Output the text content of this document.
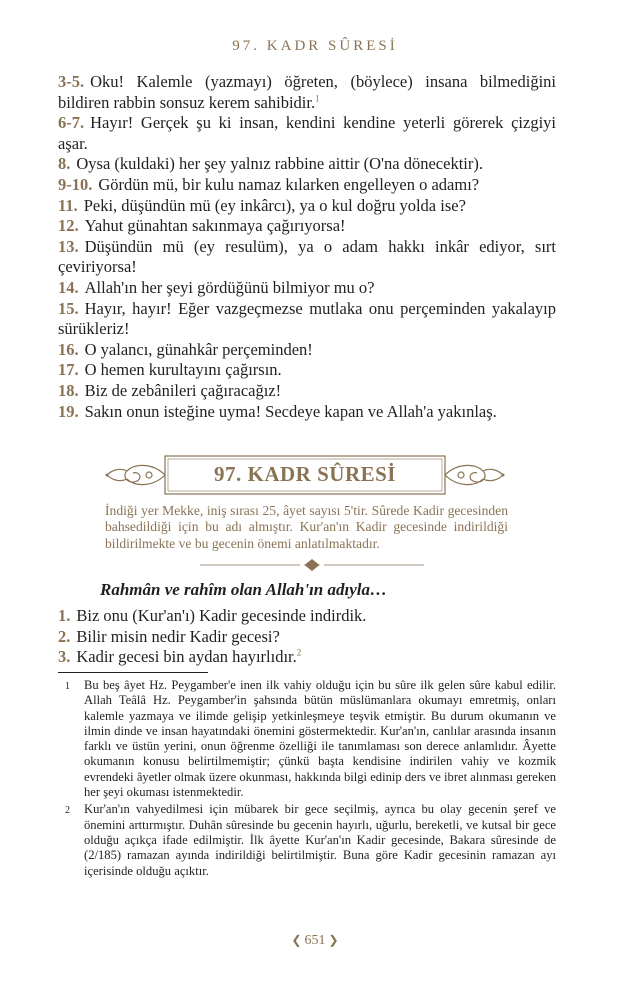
97. KADR SÛRESİ
3-5. Oku! Kalemle (yazmayı) öğreten, (böylece) insana bilmediğini bildiren rabbin sonsuz kerem sahibidir.$^1$
6-7. Hayır! Gerçek şu ki insan, kendini kendine yeterli görerek çizgiyi aşar.
8. Oysa (kuldaki) her şey yalnız rabbine aittir (O'na dönecektir).
9-10. Gördün mü, bir kulu namaz kılarken engelleyen o adamı?
11. Peki, düşündün mü (ey inkârcı), ya o kul doğru yolda ise?
12. Yahut günahtan sakınmaya çağırıyorsa!
13. Düşündün mü (ey resulüm), ya o adam hakkı inkâr ediyor, sırt çeviriyorsa!
14. Allah'ın her şeyi gördüğünü bilmiyor mu o?
15. Hayır, hayır! Eğer vazgeçmezse mutlaka onu perçeminden yakalayıp sürükleriz!
16. O yalancı, günahkâr perçeminden!
17. O hemen kurultayını çağırsın.
18. Biz de zebânileri çağıracağız!
19. Sakın onun isteğine uyma! Secdeye kapan ve Allah'a yakınlaş.
97. KADR SÛRESİ
İndiği yer Mekke, iniş sırası 25, âyet sayısı 5'tir. Sûrede Kadir gecesinden bahsedildiği için bu adı almıştır. Kur'an'ın Kadir gecesinde indirildiği bildirilmekte ve bu gecenin önemi anlatılmaktadır.
Rahmân ve rahîm olan Allah'ın adıyla…
1. Biz onu (Kur'an'ı) Kadir gecesinde indirdik.
2. Bilir misin nedir Kadir gecesi?
3. Kadir gecesi bin aydan hayırlıdır.$^2$
1	Bu beş âyet Hz. Peygamber'e inen ilk vahiy olduğu için bu sûre ilk gelen sûre kabul edilir. Allah Teâlâ Hz. Peygamber'in şahsında bütün müslümanlara okumayı emretmiş, onları kalemle yazmaya ve ilimde gelişip yetkinleşmeye teşvik etmiştir. Bu durum okumanın ve ilmin dinde ve insan hayatındaki önemini göstermektedir. Kur'an'ın, canlılar arasında insanın farklı ve üstün yerini, onun öğrenme özelliği ile tanımlaması son derece anlamlıdır. Âyette okumanın konusu belirtilmemiştir; çünkü başta kendisine indirilen vahiy ve kozmik evrendeki âyetler olmak üzere okunması, hakkında bilgi edinip ders ve ibret alınması gereken her şeyi okuması istenmektedir.
2	Kur'an'ın vahyedilmesi için mübarek bir gece seçilmiş, ayrıca bu olay gecenin şeref ve önemini arttırmıştır. Duhân sûresinde bu gecenin hayırlı, uğurlu, bereketli, ve kutsal bir gece olduğu açıkça ifade edilmiştir. İlk âyette Kur'an'ın Kadir gecesinde, Bakara sûresinde de (2/185) ramazan ayında indirildiği belirtilmiştir. Buna göre Kadir gecesinin ramazan ayı içerisinde olduğu açıktır.
❮ 651 ❯
